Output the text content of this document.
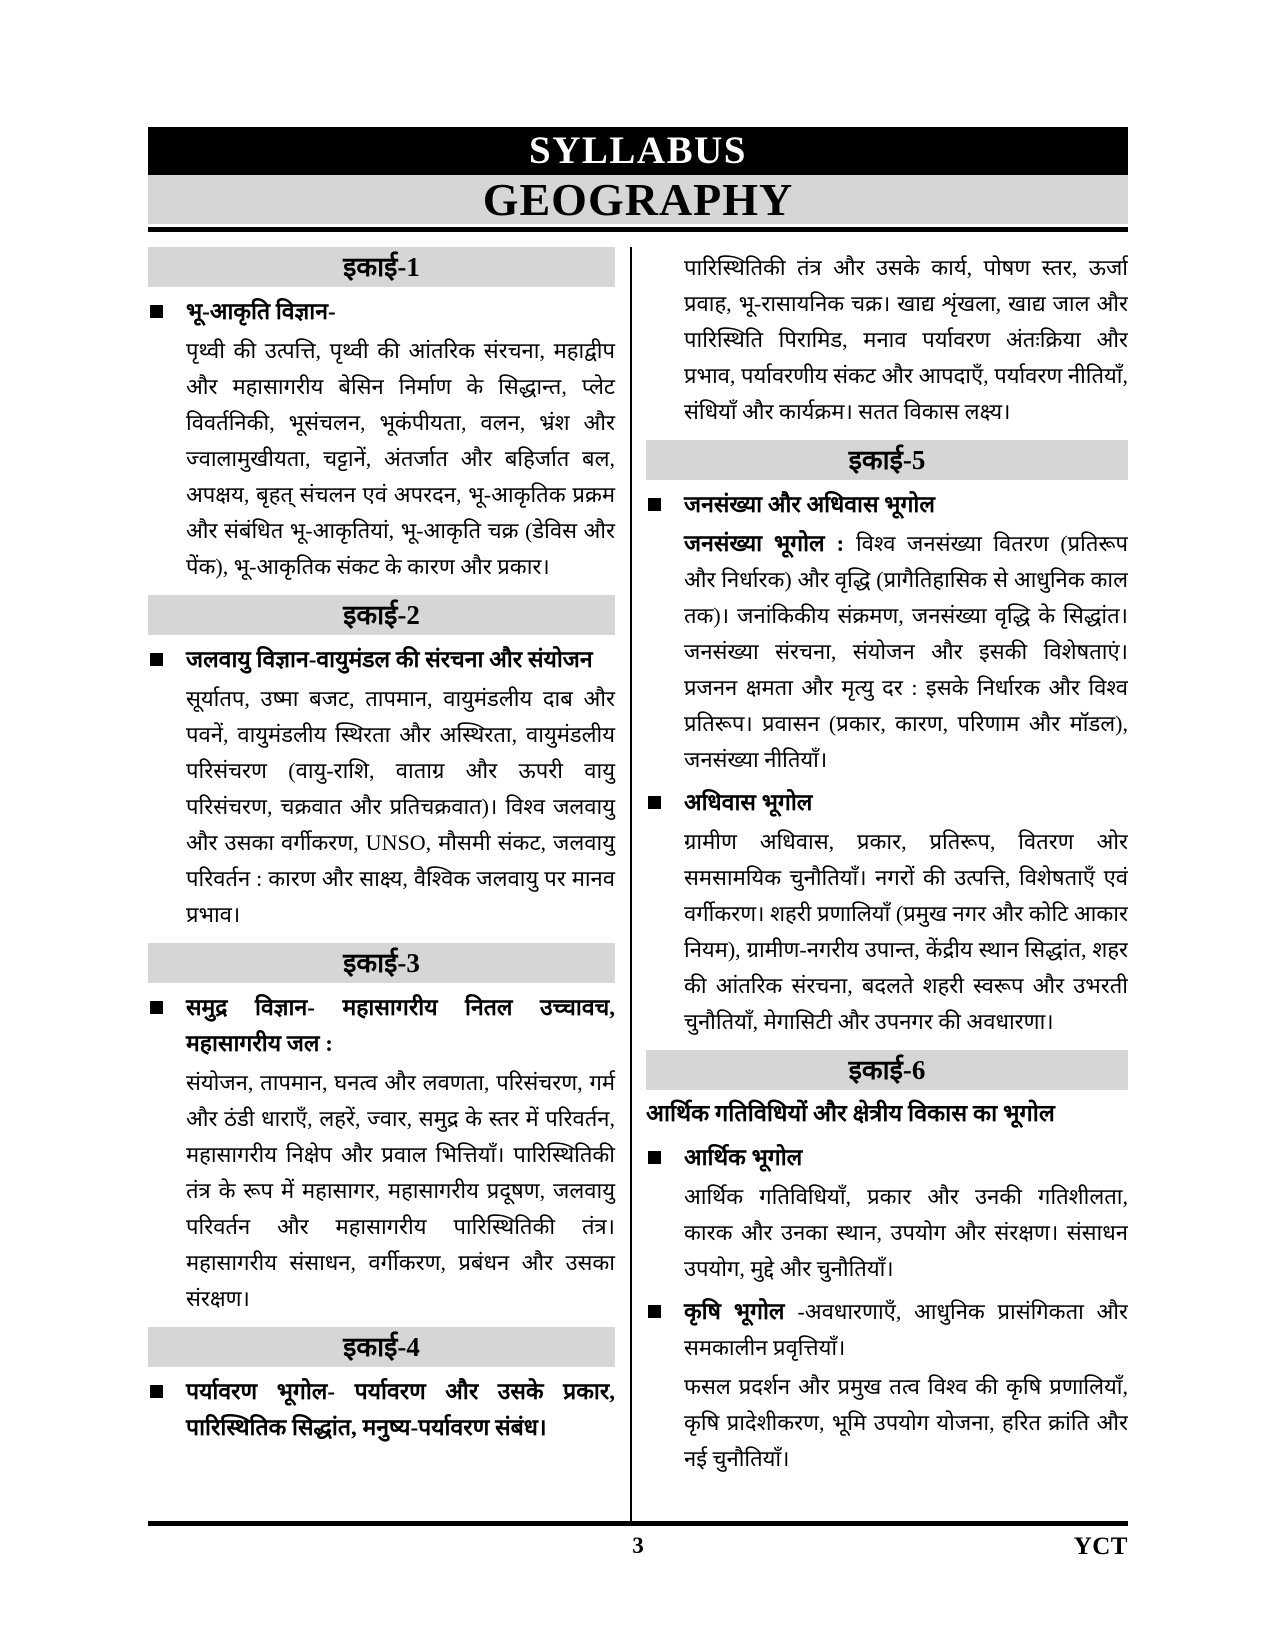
SYLLABUS
GEOGRAPHY
इकाई-1
भू-आकृति विज्ञान-

पृथ्वी की उत्पत्ति, पृथ्वी की आंतरिक संरचना, महाद्वीप और महासागरीय बेसिन निर्माण के सिद्धान्त, प्लेट विवर्तनिकी, भूसंचलन, भूकंपीयता, वलन, भ्रंश और ज्वालामुखीयता, चट्टानें, अंतर्जात और बहिर्जात बल, अपक्षय, बृहत् संचलन एवं अपरदन, भू-आकृतिक प्रक्रम और संबंधित भू-आकृतियां, भू-आकृति चक्र (डेविस और पेंक), भू-आकृतिक संकट के कारण और प्रकार।

इकाई-2
जलवायु विज्ञान-वायुमंडल की संरचना और संयोजन

सूर्यातप, उष्मा बजट, तापमान, वायुमंडलीय दाब और पवनें, वायुमंडलीय स्थिरता और अस्थिरता, वायुमंडलीय परिसंचरण (वायु-राशि, वाताग्र और ऊपरी वायु परिसंचरण, चक्रवात और प्रतिचक्रवात)। विश्व जलवायु और उसका वर्गीकरण, UNSO, मौसमी संकट, जलवायु परिवर्तन : कारण और साक्ष्य, वैश्विक जलवायु पर मानव प्रभाव।

इकाई-3
समुद्र विज्ञान- महासागरीय नितल उच्चावच, महासागरीय जल :

संयोजन, तापमान, घनत्व और लवणता, परिसंचरण, गर्म और ठंडी धाराएँ, लहरें, ज्वार, समुद्र के स्तर में परिवर्तन, महासागरीय निक्षेप और प्रवाल भित्तियाँ। पारिस्थितिकी तंत्र के रूप में महासागर, महासागरीय प्रदूषण, जलवायु परिवर्तन और महासागरीय पारिस्थितिकी तंत्र। महासागरीय संसाधन, वर्गीकरण, प्रबंधन और उसका संरक्षण।

इकाई-4
पर्यावरण भूगोल- पर्यावरण और उसके प्रकार, पारिस्थितिक सिद्धांत, मनुष्य-पर्यावरण संबंध।

पारिस्थितिकी तंत्र और उसके कार्य, पोषण स्तर, ऊर्जा प्रवाह, भू-रासायनिक चक्र। खाद्य शृंखला, खाद्य जाल और पारिस्थिति पिरामिड, मनाव पर्यावरण अंतःक्रिया और प्रभाव, पर्यावरणीय संकट और आपदाएँ, पर्यावरण नीतियाँ, संधियाँ और कार्यक्रम। सतत विकास लक्ष्य।

इकाई-5
जनसंख्या और अधिवास भूगोल

जनसंख्या भूगोल : विश्व जनसंख्या वितरण (प्रतिरूप और निर्धारक) और वृद्धि (प्रागैतिहासिक से आधुनिक काल तक)। जनांकिकीय संक्रमण, जनसंख्या वृद्धि के सिद्धांत। जनसंख्या संरचना, संयोजन और इसकी विशेषताएं। प्रजनन क्षमता और मृत्यु दर : इसके निर्धारक और विश्व प्रतिरूप। प्रवासन (प्रकार, कारण, परिणाम और मॉडल), जनसंख्या नीतियाँ।

अधिवास भूगोल

ग्रामीण अधिवास, प्रकार, प्रतिरूप, वितरण ओर समसामयिक चुनौतियाँ। नगरों की उत्पत्ति, विशेषताएँ एवं वर्गीकरण। शहरी प्रणालियाँ (प्रमुख नगर और कोटि आकार नियम), ग्रामीण-नगरीय उपान्त, केंद्रीय स्थान सिद्धांत, शहर की आंतरिक संरचना, बदलते शहरी स्वरूप और उभरती चुनौतियाँ, मेगासिटी और उपनगर की अवधारणा।

इकाई-6

आर्थिक गतिविधियों और क्षेत्रीय विकास का भूगोल

आर्थिक भूगोल

आर्थिक गतिविधियाँ, प्रकार और उनकी गतिशीलता, कारक और उनका स्थान, उपयोग और संरक्षण। संसाधन उपयोग, मुद्दे और चुनौतियाँ।

कृषि भूगोल -अवधारणाएँ, आधुनिक प्रासंगिकता और समकालीन प्रवृत्तियाँ।

फसल प्रदर्शन और प्रमुख तत्व विश्व की कृषि प्रणालियाँ, कृषि प्रादेशीकरण, भूमि उपयोग योजना, हरित क्रांति और नई चुनौतियाँ।

3	YCT
